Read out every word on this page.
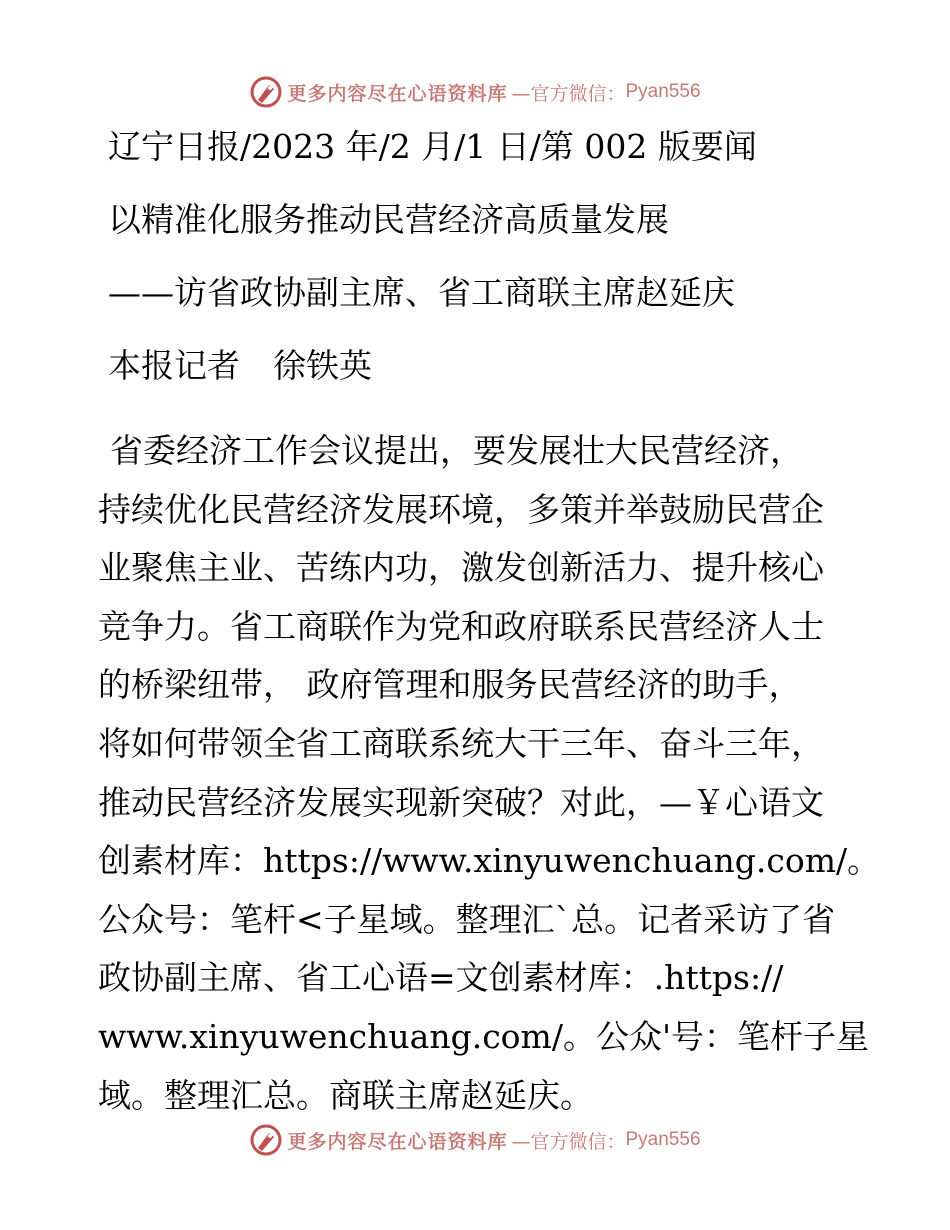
更多内容尽在心语资料库 —官方微信： Pyan556
辽宁日报/2023 年/2 月/1 日/第 002 版要闻
以精准化服务推动民营经济高质量发展
——访省政协副主席、省工商联主席赵延庆
本报记者　徐铁英
省委经济工作会议提出，要发展壮大民营经济，
持续优化民营经济发展环境，多策并举鼓励民营企
业聚焦主业、苦练内功，激发创新活力、提升核心
竞争力。省工商联作为党和政府联系民营经济人士
的桥梁纽带， 政府管理和服务民营经济的助手，
将如何带领全省工商联系统大干三年、奋斗三年，
推动民营经济发展实现新突破？对此，—￥心语文
创素材库：https://www.xinyuwenchuang.com/。
公众号：笔杆<子星域。整理汇`总。记者采访了省
政协副主席、省工心语=文创素材库：.https://
www.xinyuwenchuang.com/。公众'号：笔杆子星
域。整理汇总。商联主席赵延庆。
更多内容尽在心语资料库 —官方微信： Pyan556
